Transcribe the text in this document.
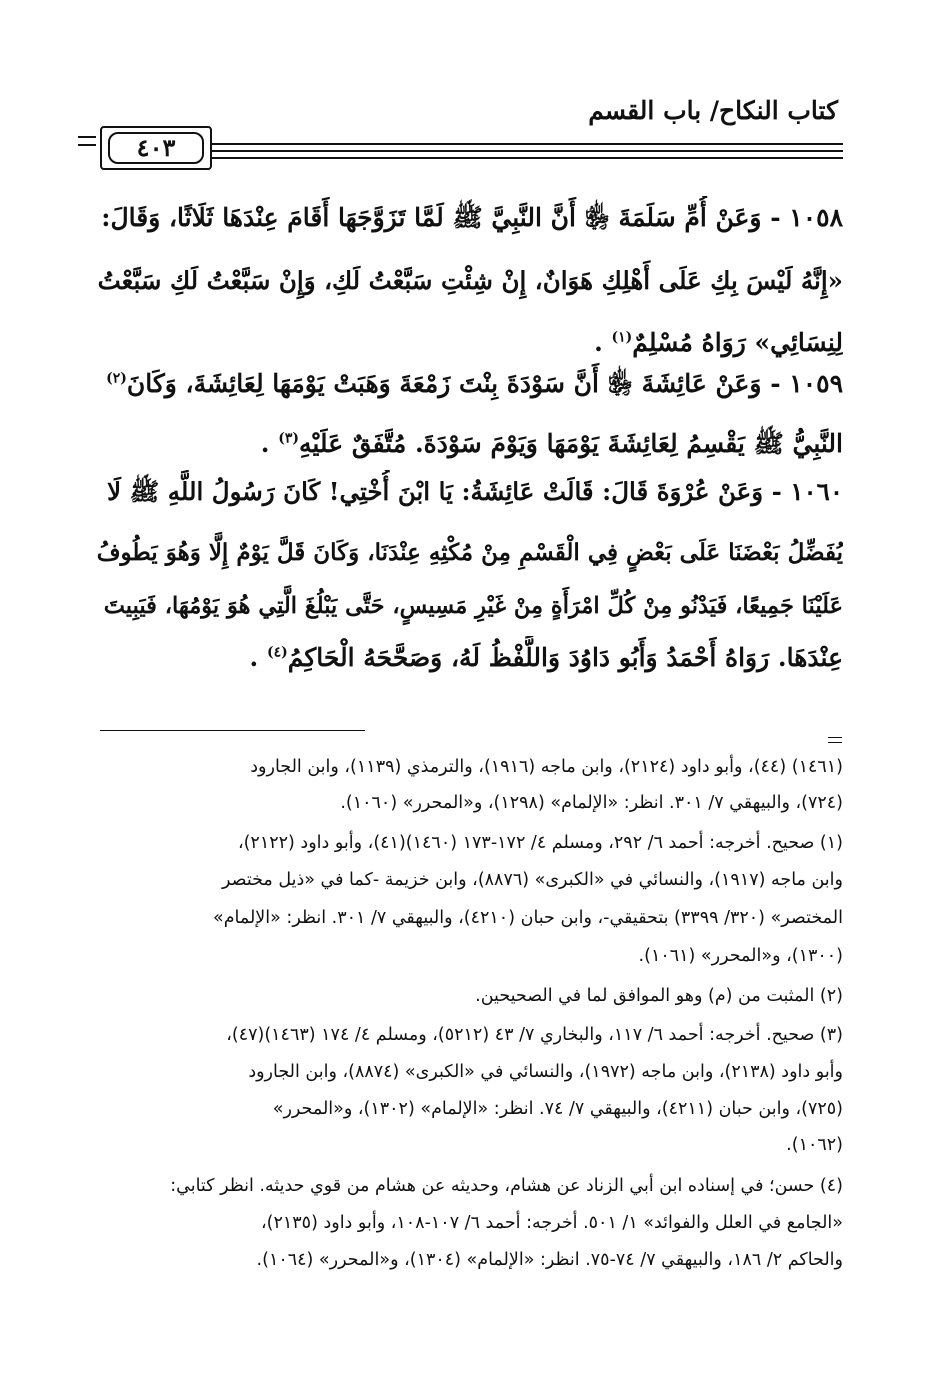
كتاب النكاح/ باب القسم
٤٠٣
١٠٥٨ - وَعَنْ أُمِّ سَلَمَةَ ﵂ أَنَّ النَّبِيَّ ﷺ لَمَّا تَزَوَّجَهَا أَقَامَ عِنْدَهَا ثَلَاثًا، وَقَالَ:
«إِنَّهُ لَيْسَ بِكِ عَلَى أَهْلِكِ هَوَانٌ، إِنْ شِئْتِ سَبَّعْتُ لَكِ، وَإِنْ سَبَّعْتُ لَكِ سَبَّعْتُ
لِنِسَائِي» رَوَاهُ مُسْلِمٌ$^{(١)}$ .
١٠٥٩ - وَعَنْ عَائِشَةَ ﵂ أَنَّ سَوْدَةَ بِنْتَ زَمْعَةَ وَهَبَتْ يَوْمَهَا لِعَائِشَةَ، وَكَانَ$^{(٢)}$
النَّبِيُّ ﷺ يَقْسِمُ لِعَائِشَةَ يَوْمَهَا وَيَوْمَ سَوْدَةَ. مُتَّفَقٌ عَلَيْهِ$^{(٣)}$ .
١٠٦٠ - وَعَنْ عُرْوَةَ قَالَ: قَالَتْ عَائِشَةُ: يَا ابْنَ أُخْتِي! كَانَ رَسُولُ اللَّهِ ﷺ لَا
يُفَضِّلُ بَعْضَنَا عَلَى بَعْضٍ فِي الْقَسْمِ مِنْ مُكْثِهِ عِنْدَنَا، وَكَانَ قَلَّ يَوْمٌ إِلَّا وَهُوَ يَطُوفُ
عَلَيْنَا جَمِيعًا، فَيَدْنُو مِنْ كُلِّ امْرَأَةٍ مِنْ غَيْرِ مَسِيسٍ، حَتَّى يَبْلُغَ الَّتِي هُوَ يَوْمُهَا، فَيَبِيتَ
عِنْدَهَا. رَوَاهُ أَحْمَدُ وَأَبُو دَاوُدَ وَاللَّفْظُ لَهُ، وَصَحَّحَهُ الْحَاكِمُ$^{(٤)}$ .
(١٤٦١) (٤٤)، وأبو داود (٢١٢٤)، وابن ماجه (١٩١٦)، والترمذي (١١٣٩)، وابن الجارود
(٧٢٤)، والبيهقي ٧/ ٣٠١. انظر: «الإلمام» (١٢٩٨)، و«المحرر» (١٠٦٠).
(١) صحيح. أخرجه: أحمد ٦/ ٢٩٢، ومسلم ٤/ ١٧٢-١٧٣ (١٤٦٠)(٤١)، وأبو داود (٢١٢٢)،
وابن ماجه (١٩١٧)، والنسائي في «الكبرى» (٨٨٧٦)، وابن خزيمة -كما في «ذيل مختصر
المختصر» (٣٢٠/ ٣٣٩٩) بتحقيقي-، وابن حبان (٤٢١٠)، والبيهقي ٧/ ٣٠١. انظر: «الإلمام»
(١٣٠٠)، و«المحرر» (١٠٦١).
(٢) المثبت من (م) وهو الموافق لما في الصحيحين.
(٣) صحيح. أخرجه: أحمد ٦/ ١١٧، والبخاري ٧/ ٤٣ (٥٢١٢)، ومسلم ٤/ ١٧٤ (١٤٦٣)(٤٧)،
وأبو داود (٢١٣٨)، وابن ماجه (١٩٧٢)، والنسائي في «الكبرى» (٨٨٧٤)، وابن الجارود
(٧٢٥)، وابن حبان (٤٢١١)، والبيهقي ٧/ ٧٤. انظر: «الإلمام» (١٣٠٢)، و«المحرر»
(١٠٦٢).
(٤) حسن؛ في إسناده ابن أبي الزناد عن هشام، وحديثه عن هشام من قوي حديثه. انظر كتابي:
«الجامع في العلل والفوائد» ١/ ٥٠١. أخرجه: أحمد ٦/ ١٠٧-١٠٨، وأبو داود (٢١٣٥)،
والحاكم ٢/ ١٨٦، والبيهقي ٧/ ٧٤-٧٥. انظر: «الإلمام» (١٣٠٤)، و«المحرر» (١٠٦٤).
